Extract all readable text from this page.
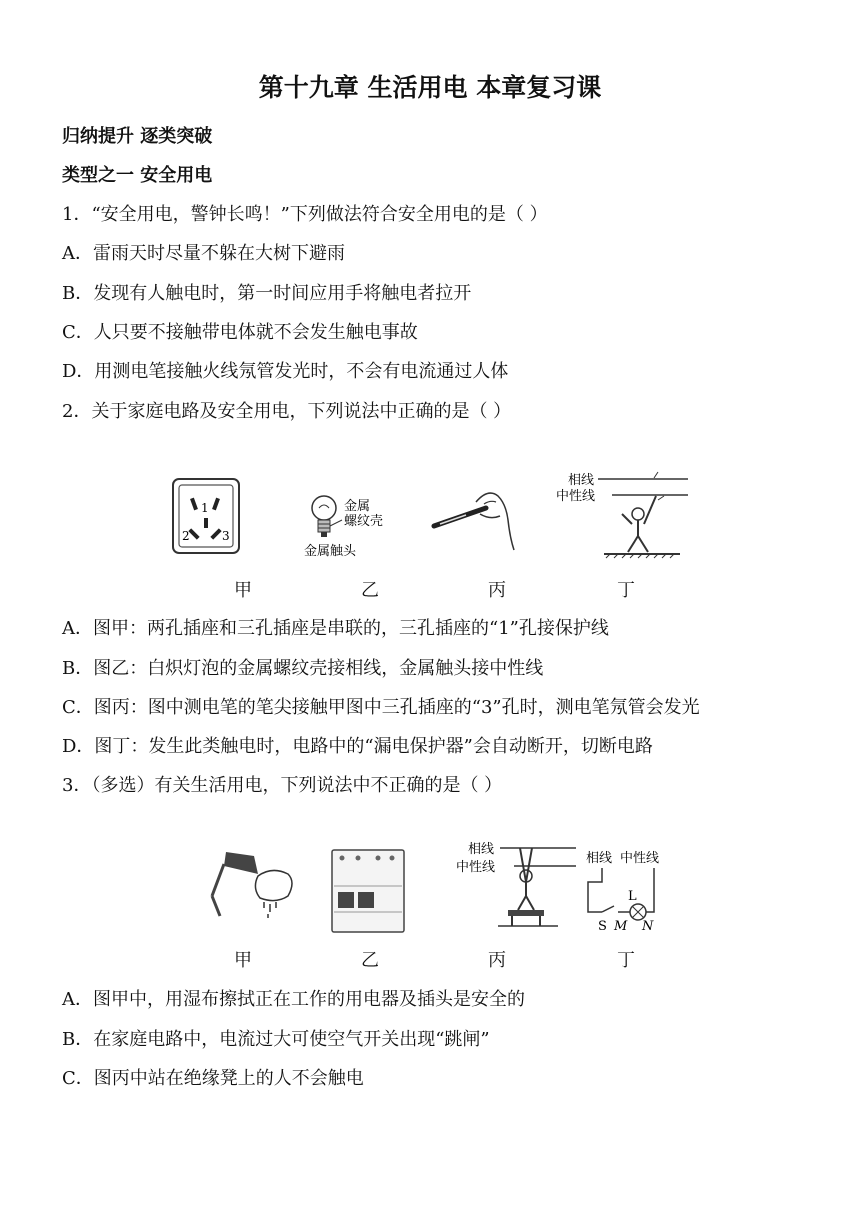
第十九章 生活用电 本章复习课
归纳提升 逐类突破
类型之一 安全用电
1．“安全用电，警钟长鸣！”下列做法符合安全用电的是（ ）
A．雷雨天时尽量不躲在大树下避雨
B．发现有人触电时，第一时间应用手将触电者拉开
C．人只要不接触带电体就不会发生触电事故
D．用测电笔接触火线氖管发光时，不会有电流通过人体
2．关于家庭电路及安全用电，下列说法中正确的是（ ）
1
2	3
金属
螺纹壳
金属触头
相线
中性线
甲	乙	丙	丁
A．图甲：两孔插座和三孔插座是串联的，三孔插座的“1”孔接保护线
B．图乙：白炽灯泡的金属螺纹壳接相线，金属触头接中性线
C．图丙：图中测电笔的笔尖接触甲图中三孔插座的“3”孔时，测电笔氖管会发光
D．图丁：发生此类触电时，电路中的“漏电保护器”会自动断开，切断电路
3．（多选）有关生活用电，下列说法中不正确的是（ ）
相线
中性线
相线 中性线
L
S M N
甲	乙	丙	丁
A．图甲中，用湿布擦拭正在工作的用电器及插头是安全的
B．在家庭电路中，电流过大可使空气开关出现“跳闸”
C．图丙中站在绝缘凳上的人不会触电
